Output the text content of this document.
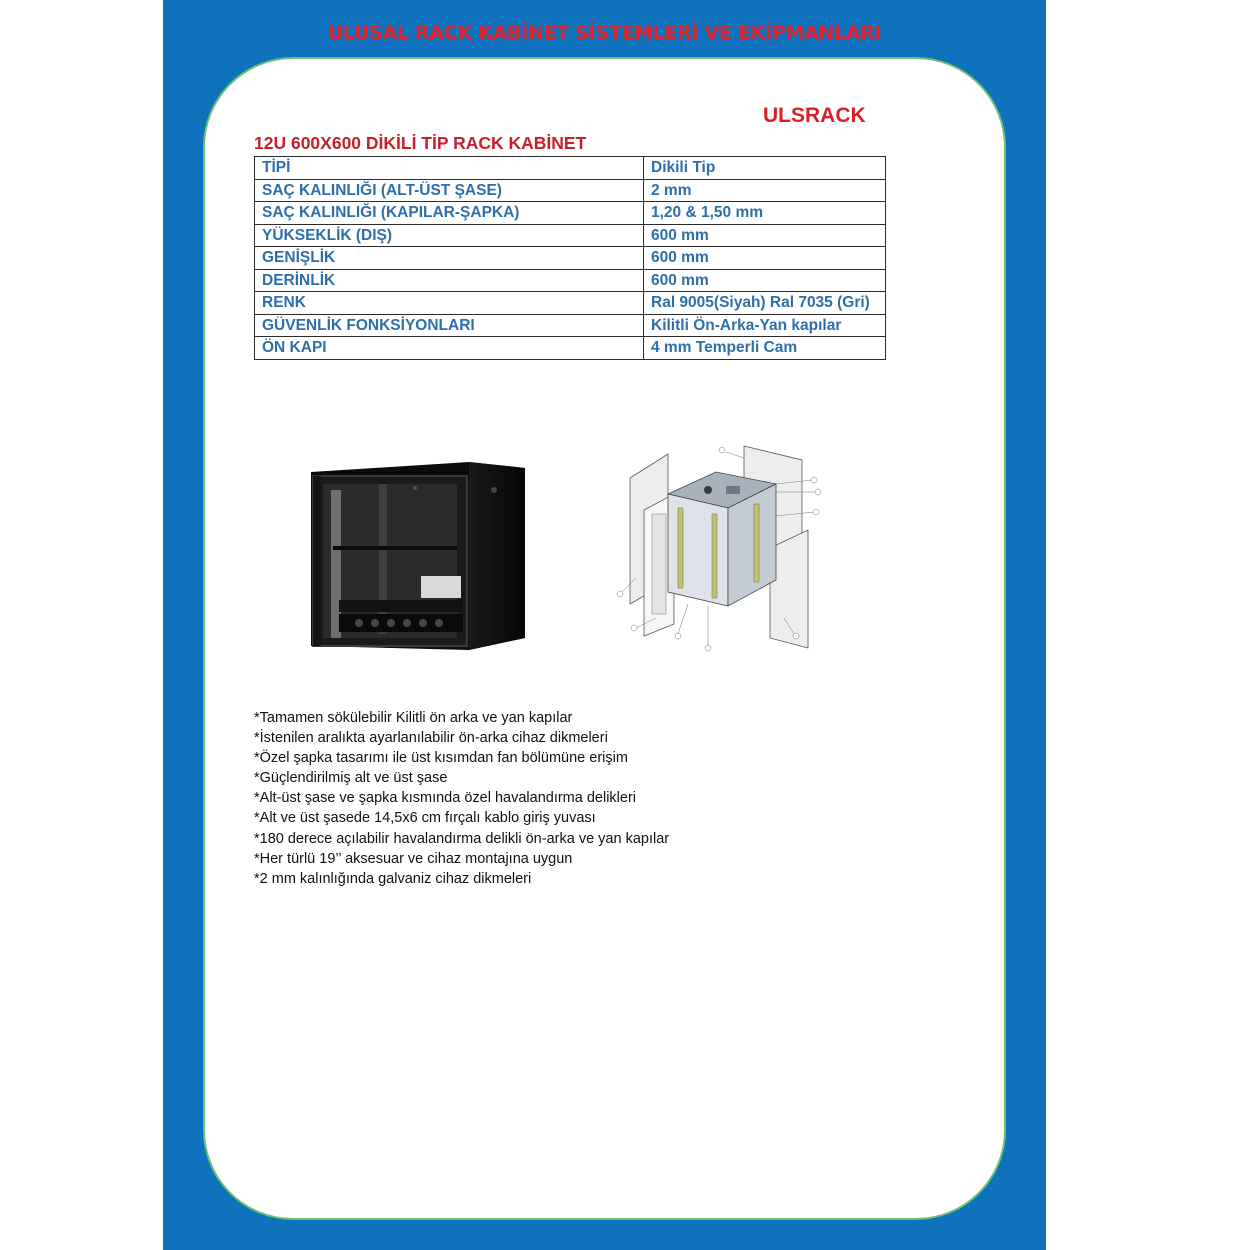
ULUSAL RACK KABİNET SİSTEMLERİ VE EKİPMANLARI
ULSRACK
12U 600X600 DİKİLİ TİP RACK KABİNET
TİPİ	Dikili Tip
SAÇ KALINLIĞI (ALT-ÜST ŞASE)	2 mm
SAÇ KALINLIĞI (KAPILAR-ŞAPKA)	1,20 & 1,50 mm
YÜKSEKLİK (DIŞ)	600 mm
GENİŞLİK	600 mm
DERİNLİK	600 mm
RENK	Ral 9005(Siyah) Ral 7035 (Gri)
GÜVENLİK FONKSİYONLARI	Kilitli Ön-Arka-Yan kapılar
ÖN KAPI	4 mm Temperli Cam
*Tamamen sökülebilir Kilitli ön arka ve yan kapılar
*İstenilen aralıkta ayarlanılabilir ön-arka cihaz dikmeleri
*Özel şapka tasarımı ile üst kısımdan fan bölümüne erişim
*Güçlendirilmiş alt ve üst şase
*Alt-üst şase ve şapka kısmında özel havalandırma delikleri
*Alt ve üst şasede 14,5x6 cm fırçalı kablo giriş yuvası
*180 derece açılabilir havalandırma delikli ön-arka ve yan kapılar
*Her türlü 19’’ aksesuar ve cihaz montajına uygun
*2 mm kalınlığında galvaniz cihaz dikmeleri
